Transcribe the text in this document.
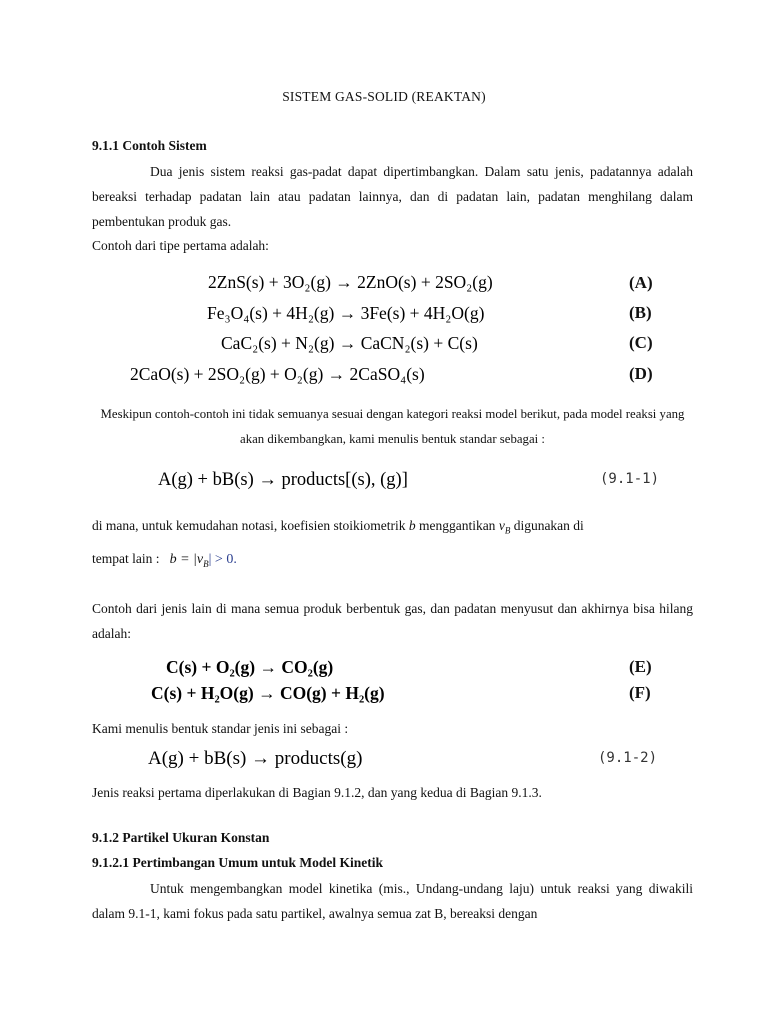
SISTEM GAS-SOLID (REAKTAN)
9.1.1 Contoh Sistem

Dua jenis sistem reaksi gas-padat dapat dipertimbangkan. Dalam satu jenis, padatannya adalah bereaksi terhadap padatan lain atau padatan lainnya, dan di padatan lain, padatan menghilang dalam pembentukan produk gas.

Contoh dari tipe pertama adalah:
2ZnS(s) + 3O₂(g) → 2ZnO(s) + 2SO₂(g)	(A)
Fe₃O₄(s) + 4H₂(g) → 3Fe(s) + 4H₂O(g)	(B)
CaC₂(s) + N₂(g) → CaCN₂(s) + C(s)	(C)
2CaO(s) + 2SO₂(g) + O₂(g) → 2CaSO₄(s)	(D)

Meskipun contoh-contoh ini tidak semuanya sesuai dengan kategori reaksi model berikut, pada model reaksi yang akan dikembangkan, kami menulis bentuk standar sebagai :

A(g) + bB(s) → products[(s), (g)]	(9.1-1)
di mana, untuk kemudahan notasi, koefisien stoikiometrik b menggantikan $v_B$ digunakan di
tempat lain : $b = |\nu_B| > 0$.

Contoh dari jenis lain di mana semua produk berbentuk gas, dan padatan menyusut dan akhirnya bisa hilang adalah:

C(s) + O₂(g) → CO₂(g)	(E)
C(s) + H₂O(g) → CO(g) + H₂(g)	(F)
Kami menulis bentuk standar jenis ini sebagai :
A(g) + bB(s) → products(g)	(9.1-2)
Jenis reaksi pertama diperlakukan di Bagian 9.1.2, dan yang kedua di Bagian 9.1.3.
9.1.2 Partikel Ukuran Konstan
9.1.2.1 Pertimbangan Umum untuk Model Kinetik

Untuk mengembangkan model kinetika (mis., Undang-undang laju) untuk reaksi yang diwakili dalam 9.1-1, kami fokus pada satu partikel, awalnya semua zat B, bereaksi dengan
